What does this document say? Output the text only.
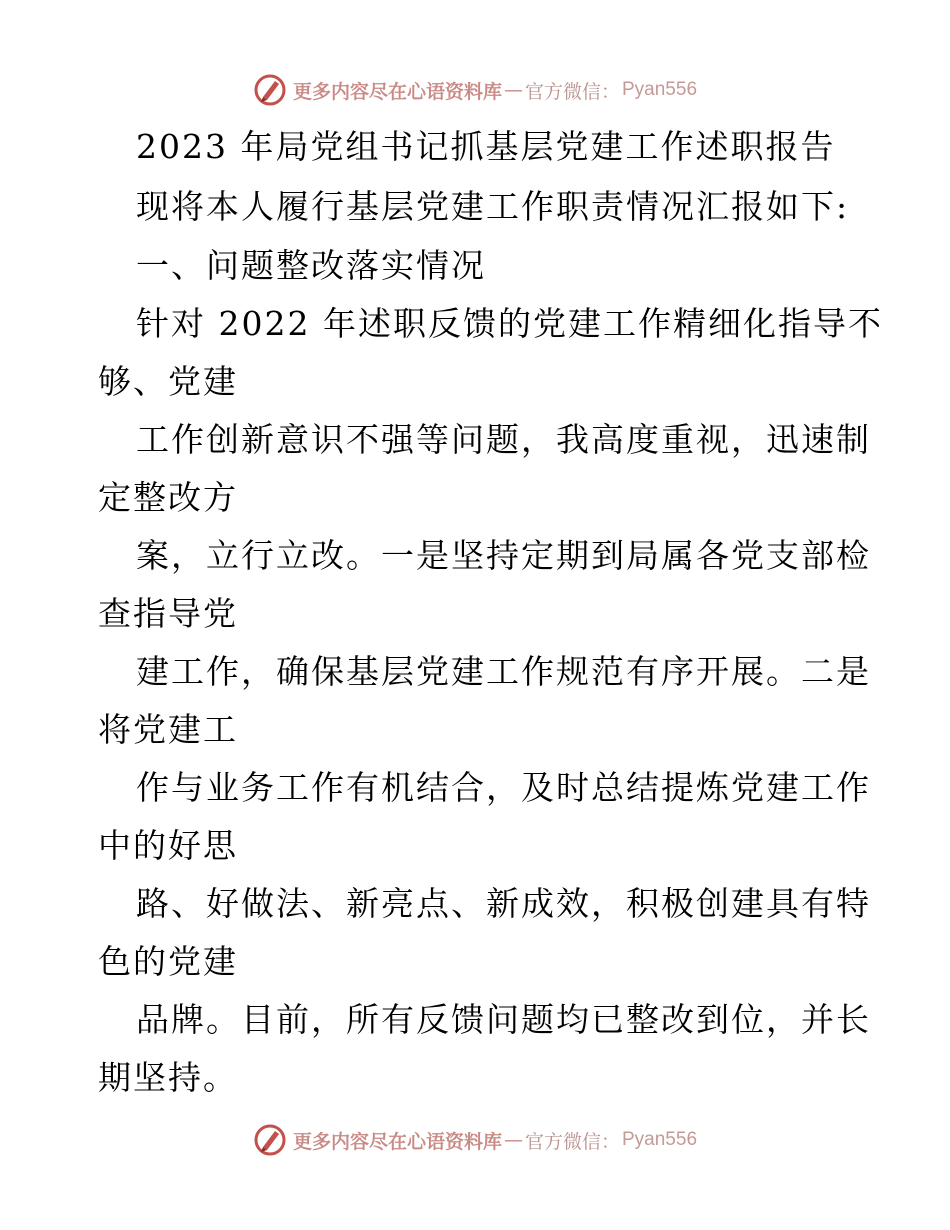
更多内容尽在心语资料库 — 官方微信： Pyan556
2023 年局党组书记抓基层党建工作述职报告
现将本人履行基层党建工作职责情况汇报如下:
一、问题整改落实情况
针对 2022 年述职反馈的党建工作精细化指导不
够、党建
工作创新意识不强等问题，我高度重视，迅速制
定整改方
案，立行立改。一是坚持定期到局属各党支部检
查指导党
建工作，确保基层党建工作规范有序开展。二是
将党建工
作与业务工作有机结合，及时总结提炼党建工作
中的好思
路、好做法、新亮点、新成效，积极创建具有特
色的党建
品牌。目前，所有反馈问题均已整改到位，并长
期坚持。
更多内容尽在心语资料库 — 官方微信： Pyan556
